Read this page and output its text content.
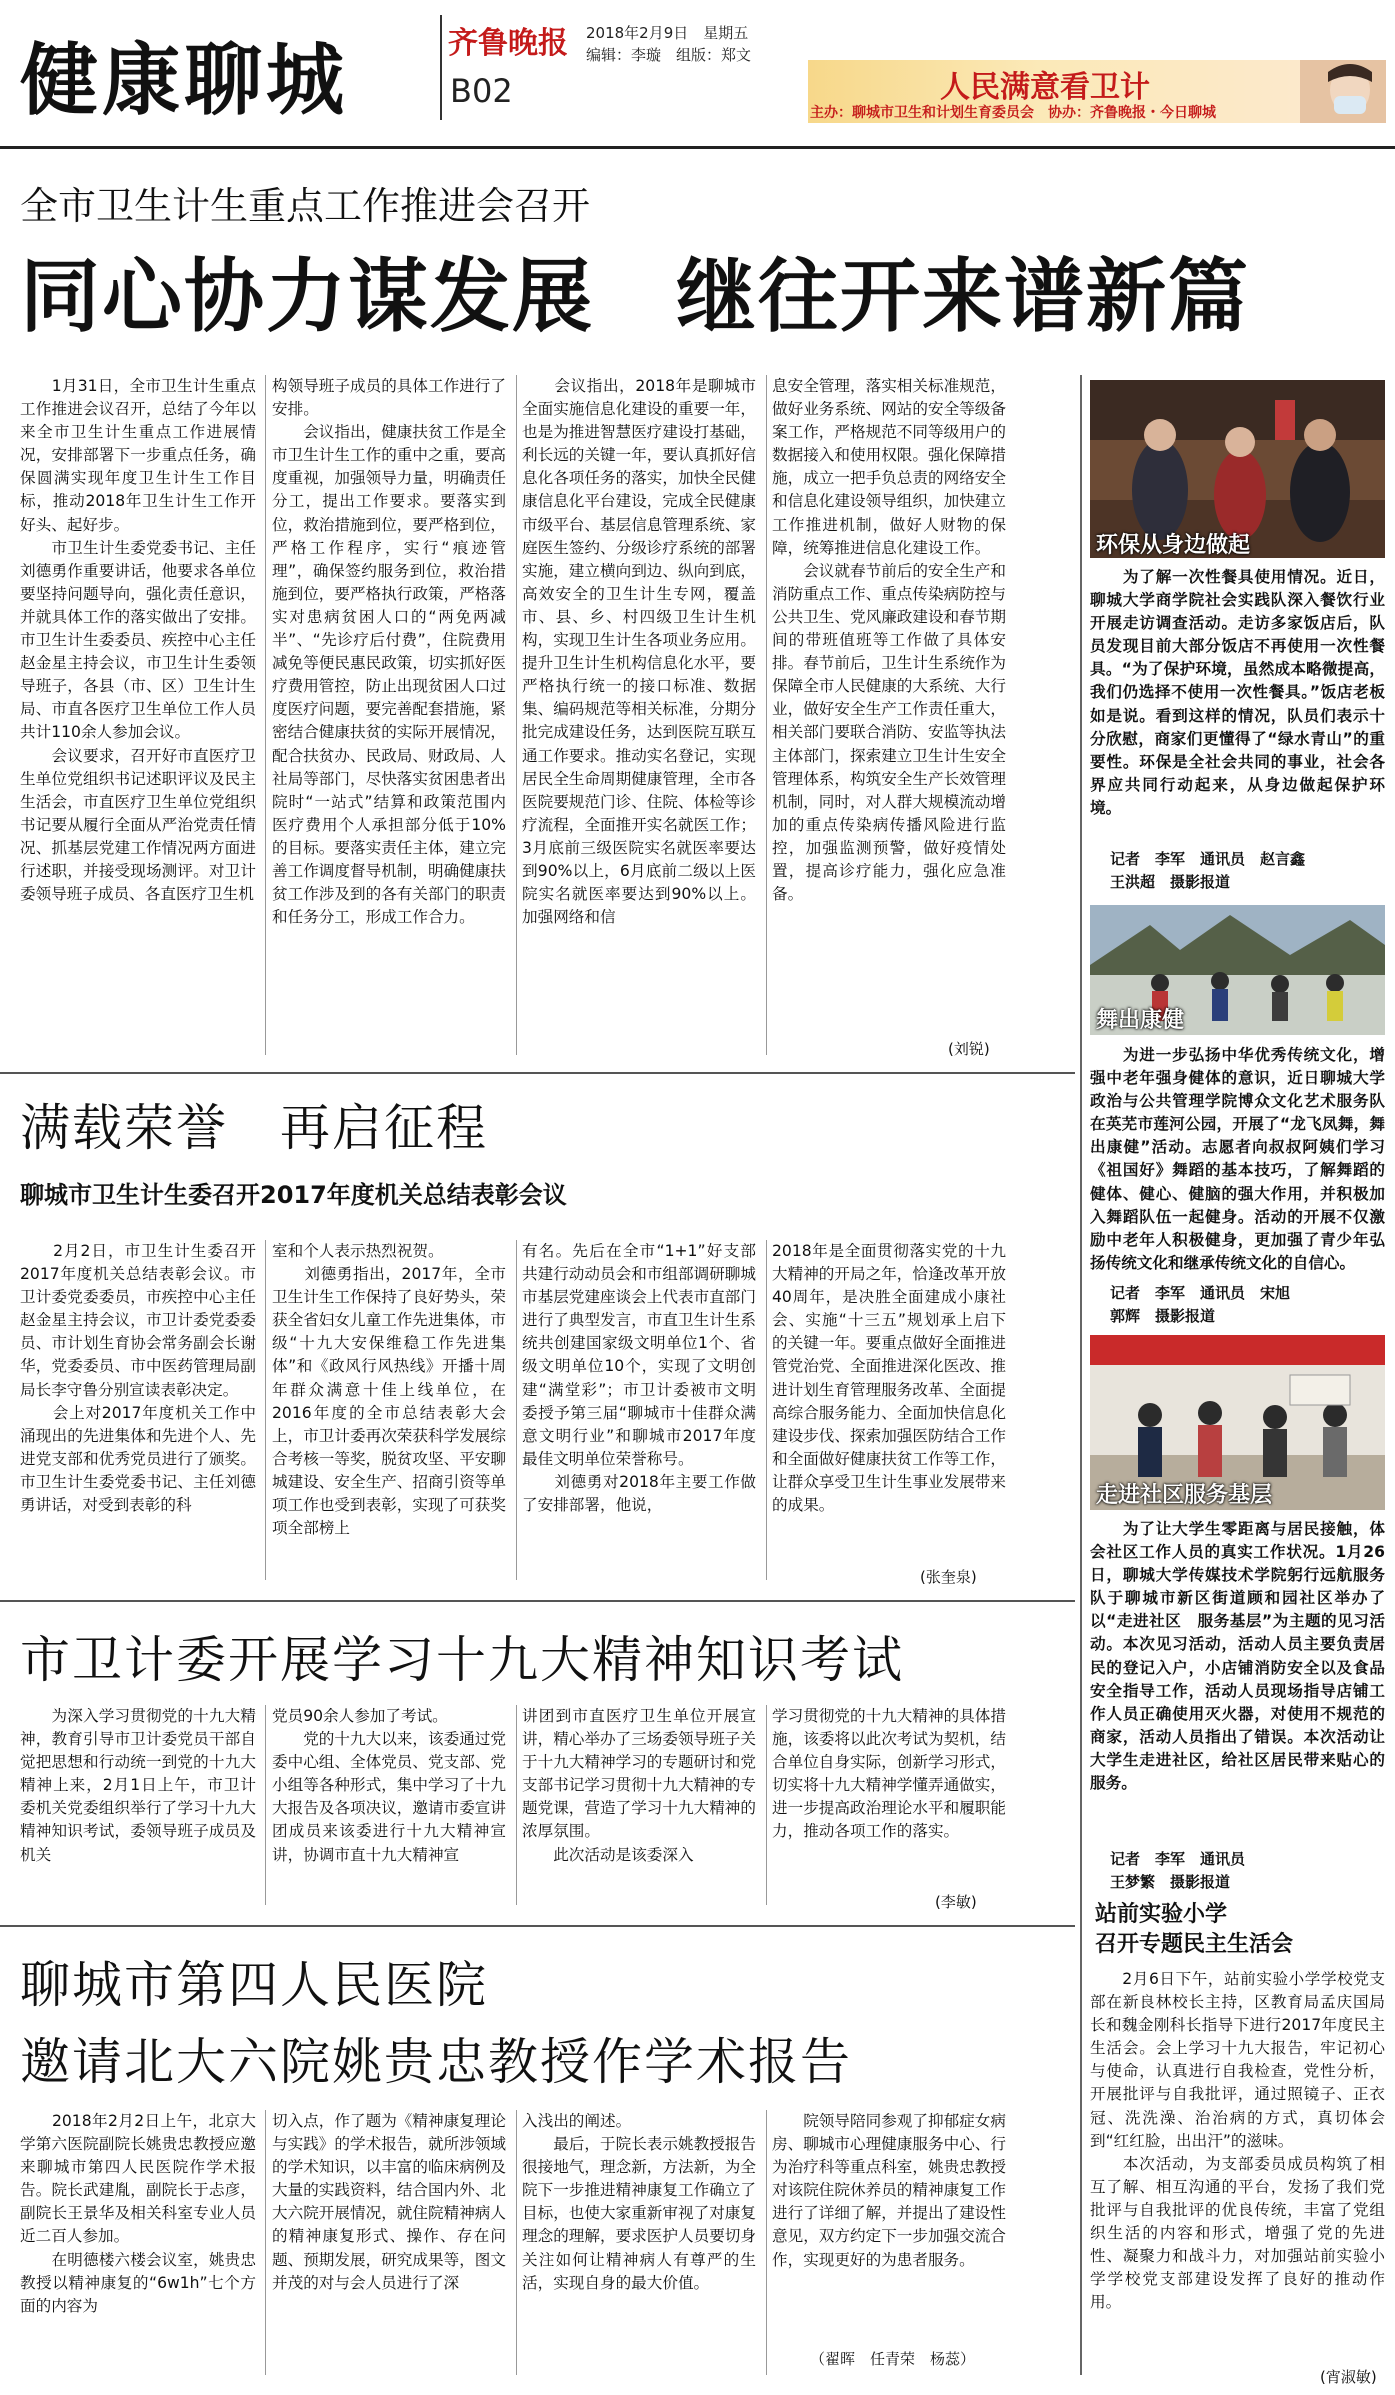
健康聊城	齐鲁晚报 2018年2月9日　星期五
编辑：李璇　组版：郑文
B02	人民满意看卫计
主办：聊城市卫生和计划生育委员会　协办：齐鲁晚报・今日聊城
全市卫生计生重点工作推进会召开
同心协力谋发展　继往开来谱新篇
　　1月31日，全市卫生计生重点工作推进会议召开，总结了今年以来全市卫生计生重点工作进展情况，安排部署下一步重点任务，确保圆满实现年度卫生计生工作目标，推动2018年卫生计生工作开好头、起好步。
　　市卫生计生委党委书记、主任刘德勇作重要讲话，他要求各单位要坚持问题导向，强化责任意识，并就具体工作的落实做出了安排。市卫生计生委委员、疾控中心主任赵金星主持会议，市卫生计生委领导班子，各县（市、区）卫生计生局、市直各医疗卫生单位工作人员共计110余人参加会议。
　　会议要求，召开好市直医疗卫生单位党组织书记述职评议及民主生活会，市直医疗卫生单位党组织书记要从履行全面从严治党责任情况、抓基层党建工作情况两方面进行述职，并接受现场测评。对卫计委领导班子成员、各直医疗卫生机
构领导班子成员的具体工作进行了安排。
　　会议指出，健康扶贫工作是全市卫生计生工作的重中之重，要高度重视，加强领导力量，明确责任分工，提出工作要求。要落实到位，救治措施到位，要严格到位，严格工作程序，实行“痕迹管理”，确保签约服务到位，救治措施到位，要严格执行政策，严格落实对患病贫困人口的“两免两减半”、“先诊疗后付费”，住院费用减免等便民惠民政策，切实抓好医疗费用管控，防止出现贫困人口过度医疗问题，要完善配套措施，紧密结合健康扶贫的实际开展情况，配合扶贫办、民政局、财政局、人社局等部门，尽快落实贫困患者出院时“一站式”结算和政策范围内医疗费用个人承担部分低于10%的目标。要落实责任主体，建立完善工作调度督导机制，明确健康扶贫工作涉及到的各有关部门的职责和任务分工，形成工作合力。
　　会议指出，2018年是聊城市全面实施信息化建设的重要一年，也是为推进智慧医疗建设打基础，利长远的关键一年，要认真抓好信息化各项任务的落实，加快全民健康信息化平台建设，完成全民健康市级平台、基层信息管理系统、家庭医生签约、分级诊疗系统的部署实施，建立横向到边、纵向到底，高效安全的卫生计生专网，覆盖市、县、乡、村四级卫生计生机构，实现卫生计生各项业务应用。提升卫生计生机构信息化水平，要严格执行统一的接口标准、数据集、编码规范等相关标准，分期分批完成建设任务，达到医院互联互通工作要求。推动实名登记，实现居民全生命周期健康管理，全市各医院要规范门诊、住院、体检等诊疗流程，全面推开实名就医工作；3月底前三级医院实名就医率要达到90%以上，6月底前二级以上医院实名就医率要达到90%以上。加强网络和信
息安全管理，落实相关标准规范，做好业务系统、网站的安全等级备案工作，严格规范不同等级用户的数据接入和使用权限。强化保障措施，成立一把手负总责的网络安全和信息化建设领导组织，加快建立工作推进机制，做好人财物的保障，统筹推进信息化建设工作。
　　会议就春节前后的安全生产和消防重点工作、重点传染病防控与公共卫生、党风廉政建设和春节期间的带班值班等工作做了具体安排。春节前后，卫生计生系统作为保障全市人民健康的大系统、大行业，做好安全生产工作责任重大，相关部门要联合消防、安监等执法主体部门，探索建立卫生计生安全管理体系，构筑安全生产长效管理机制，同时，对人群大规模流动增加的重点传染病传播风险进行监控，加强监测预警，做好疫情处置，提高诊疗能力，强化应急准备。
(刘锐)
满载荣誉　再启征程
聊城市卫生计生委召开2017年度机关总结表彰会议
　　2月2日，市卫生计生委召开2017年度机关总结表彰会议。市卫计委党委委员，市疾控中心主任赵金星主持会议，市卫计委党委委员、市计划生育协会常务副会长谢华，党委委员、市中医药管理局副局长李守鲁分别宣读表彰决定。
　　会上对2017年度机关工作中涌现出的先进集体和先进个人、先进党支部和优秀党员进行了颁奖。市卫生计生委党委书记、主任刘德勇讲话，对受到表彰的科
室和个人表示热烈祝贺。
　　刘德勇指出，2017年，全市卫生计生工作保持了良好势头，荣获全省妇女儿童工作先进集体，市级“十九大安保维稳工作先进集体”和《政风行风热线》开播十周年群众满意十佳上线单位，在2016年度的全市总结表彰大会上，市卫计委再次荣获科学发展综合考核一等奖，脱贫攻坚、平安聊城建设、安全生产、招商引资等单项工作也受到表彰，实现了可获奖项全部榜上
有名。先后在全市“1+1”好支部共建行动动员会和市组部调研聊城市基层党建座谈会上代表市直部门进行了典型发言，市直卫生计生系统共创建国家级文明单位1个、省级文明单位10个，实现了文明创建“满堂彩”；市卫计委被市文明委授予第三届“聊城市十佳群众满意文明行业”和聊城市2017年度最佳文明单位荣誉称号。
　　刘德勇对2018年主要工作做了安排部署，他说，
2018年是全面贯彻落实党的十九大精神的开局之年，恰逢改革开放40周年，是决胜全面建成小康社会、实施“十三五”规划承上启下的关键一年。要重点做好全面推进管党治党、全面推进深化医改、推进计划生育管理服务改革、全面提高综合服务能力、全面加快信息化建设步伐、探索加强医防结合工作和全面做好健康扶贫工作等工作，让群众享受卫生计生事业发展带来的成果。
(张奎泉)
市卫计委开展学习十九大精神知识考试
　　为深入学习贯彻党的十九大精神，教育引导市卫计委党员干部自觉把思想和行动统一到党的十九大精神上来，2月1日上午，市卫计委机关党委组织举行了学习十九大精神知识考试，委领导班子成员及机关
党员90余人参加了考试。
　　党的十九大以来，该委通过党委中心组、全体党员、党支部、党小组等各种形式，集中学习了十九大报告及各项决议，邀请市委宣讲团成员来该委进行十九大精神宣讲，协调市直十九大精神宣
讲团到市直医疗卫生单位开展宣讲，精心举办了三场委领导班子关于十九大精神学习的专题研讨和党支部书记学习贯彻十九大精神的专题党课，营造了学习十九大精神的浓厚氛围。
　　此次活动是该委深入
学习贯彻党的十九大精神的具体措施，该委将以此次考试为契机，结合单位自身实际，创新学习形式，切实将十九大精神学懂弄通做实，进一步提高政治理论水平和履职能力，推动各项工作的落实。
(李敏)
聊城市第四人民医院
邀请北大六院姚贵忠教授作学术报告
　　2018年2月2日上午，北京大学第六医院副院长姚贵忠教授应邀来聊城市第四人民医院作学术报告。院长武建胤，副院长于忐彦，副院长王景华及相关科室专业人员近二百人参加。
　　在明德楼六楼会议室，姚贵忠教授以精神康复的“6w1h”七个方面的内容为
切入点，作了题为《精神康复理论与实践》的学术报告，就所涉领域的学术知识，以丰富的临床病例及大量的实践资料，结合国内外、北大六院开展情况，就住院精神病人的精神康复形式、操作、存在问题、预期发展，研究成果等，图文并茂的对与会人员进行了深
入浅出的阐述。
　　最后，于院长表示姚教授报告很接地气，理念新，方法新，为全院下一步推进精神康复工作确立了目标，也使大家重新审视了对康复理念的理解，要求医护人员要切身关注如何让精神病人有尊严的生活，实现自身的最大价值。
　　院领导陪同参观了抑郁症女病房、聊城市心理健康服务中心、行为治疗科等重点科室，姚贵忠教授对该院住院休养员的精神康复工作进行了详细了解，并提出了建设性意见，双方约定下一步加强交流合作，实现更好的为患者服务。
（翟晖　任青荣　杨蕊）
环保从身边做起
　　为了解一次性餐具使用情况。近日，聊城大学商学院社会实践队深入餐饮行业开展走访调查活动。走访多家饭店后，队员发现目前大部分饭店不再使用一次性餐具。“为了保护环境，虽然成本略微提高，我们仍选择不使用一次性餐具。”饭店老板如是说。看到这样的情况，队员们表示十分欣慰，商家们更懂得了“绿水青山”的重要性。环保是全社会共同的事业，社会各界应共同行动起来，从身边做起保护环境。
记者　李军　通讯员　赵言鑫
王洪超　摄影报道
舞出康健
　　为进一步弘扬中华优秀传统文化，增强中老年强身健体的意识，近日聊城大学政治与公共管理学院博众文化艺术服务队在英芜市莲河公园，开展了“龙飞凤舞，舞出康健”活动。志愿者向叔叔阿姨们学习《祖国好》舞蹈的基本技巧，了解舞蹈的健体、健心、健脑的强大作用，并积极加入舞蹈队伍一起健身。活动的开展不仅激励中老年人积极健身，更加强了青少年弘扬传统文化和继承传统文化的自信心。
记者　李军　通讯员　宋旭
郭辉　摄影报道
走进社区服务基层
　　为了让大学生零距离与居民接触，体会社区工作人员的真实工作状况。1月26日，聊城大学传媒技术学院躬行远航服务队于聊城市新区街道顾和园社区举办了以“走进社区　服务基层”为主题的见习活动。本次见习活动，活动人员主要负责居民的登记入户，小店铺消防安全以及食品安全指导工作，活动人员现场指导店铺工作人员正确使用灭火器，对使用不规范的商家，活动人员指出了错误。本次活动让大学生走进社区，给社区居民带来贴心的服务。
记者　李军　通讯员
王梦繁　摄影报道
站前实验小学
召开专题民主生活会
　　2月6日下午，站前实验小学学校党支部在新良林校长主持，区教育局孟庆国局长和魏金刚科长指导下进行2017年度民主生活会。会上学习十九大报告，牢记初心与使命，认真进行自我检查，党性分析，开展批评与自我批评，通过照镜子、正衣冠、洗洗澡、治治病的方式，真切体会到“红红脸，出出汗”的滋味。
　　本次活动，为支部委员成员构筑了相互了解、相互沟通的平台，发扬了我们党批评与自我批评的优良传统，丰富了党组织生活的内容和形式，增强了党的先进性、凝聚力和战斗力，对加强站前实验小学学校党支部建设发挥了良好的推动作用。
(宵淑敏)
